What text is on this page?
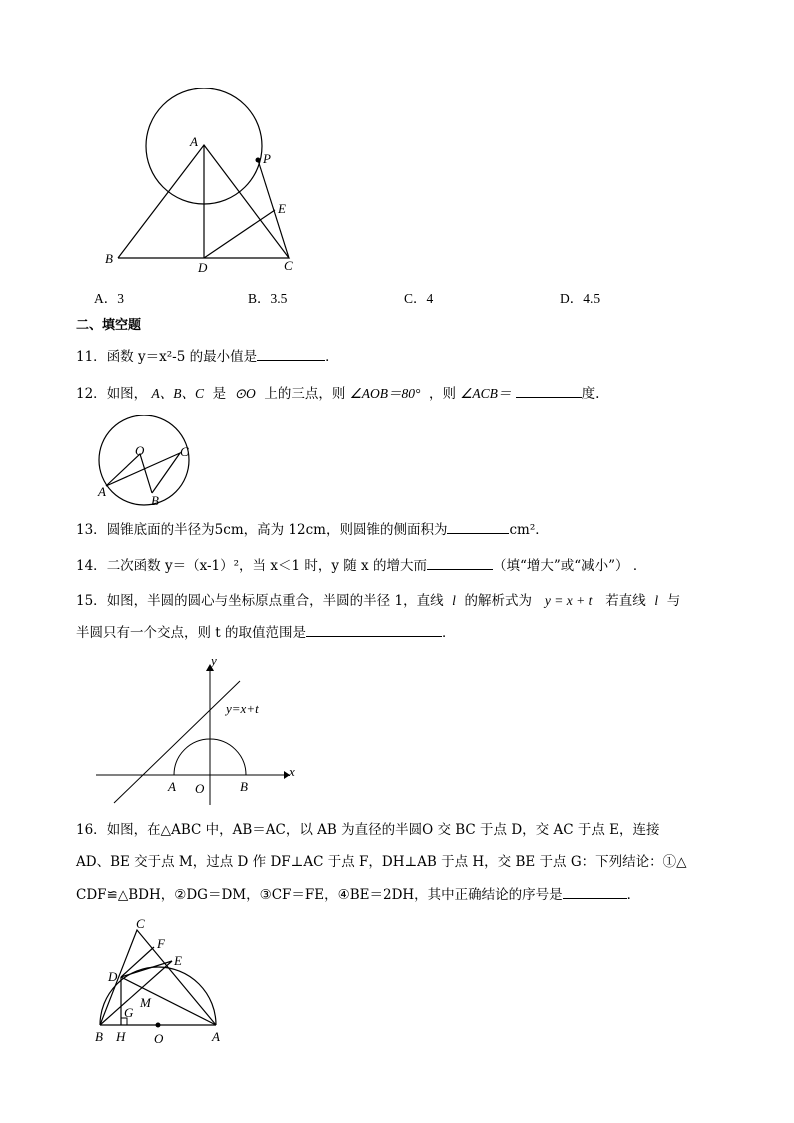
A
P
E
B
D	C
A．3	B．3.5	C．4	D．4.5
二、填空题
11．函数 y＝x²-5 的最小值是	．
12．如图， A、B、C 是 ⊙O 上的三点，则 ∠AOB＝80° ，则 ∠ACB＝	度.
O	C
A
B
13．圆锥底面的半径为5cm，高为 12cm，则圆锥的侧面积为	cm²．
14．二次函数 y＝（x-1）²，当 x＜1 时，y 随 x 的增大而	（填“增大”或“减小”） ．
15．如图，半圆的圆心与坐标原点重合，半圆的半径 1，直线 l 的解析式为 y = x + t 若直线 l 与
半圆只有一个交点，则 t 的取值范围是	．
y
x
y=x+t
A O	B
16．如图，在△ABC 中，AB＝AC，以 AB 为直径的半圆O 交 BC 于点 D，交 AC 于点 E，连接
AD、BE 交于点 M，过点 D 作 DF⊥AC 于点 F，DH⊥AB 于点 H，交 BE 于点 G：下列结论：①△
CDF≌△BDH，②DG＝DM，③CF＝FE，④BE＝2DH，其中正确结论的序号是	．
C
F
D
E
M
G
B H O	A
